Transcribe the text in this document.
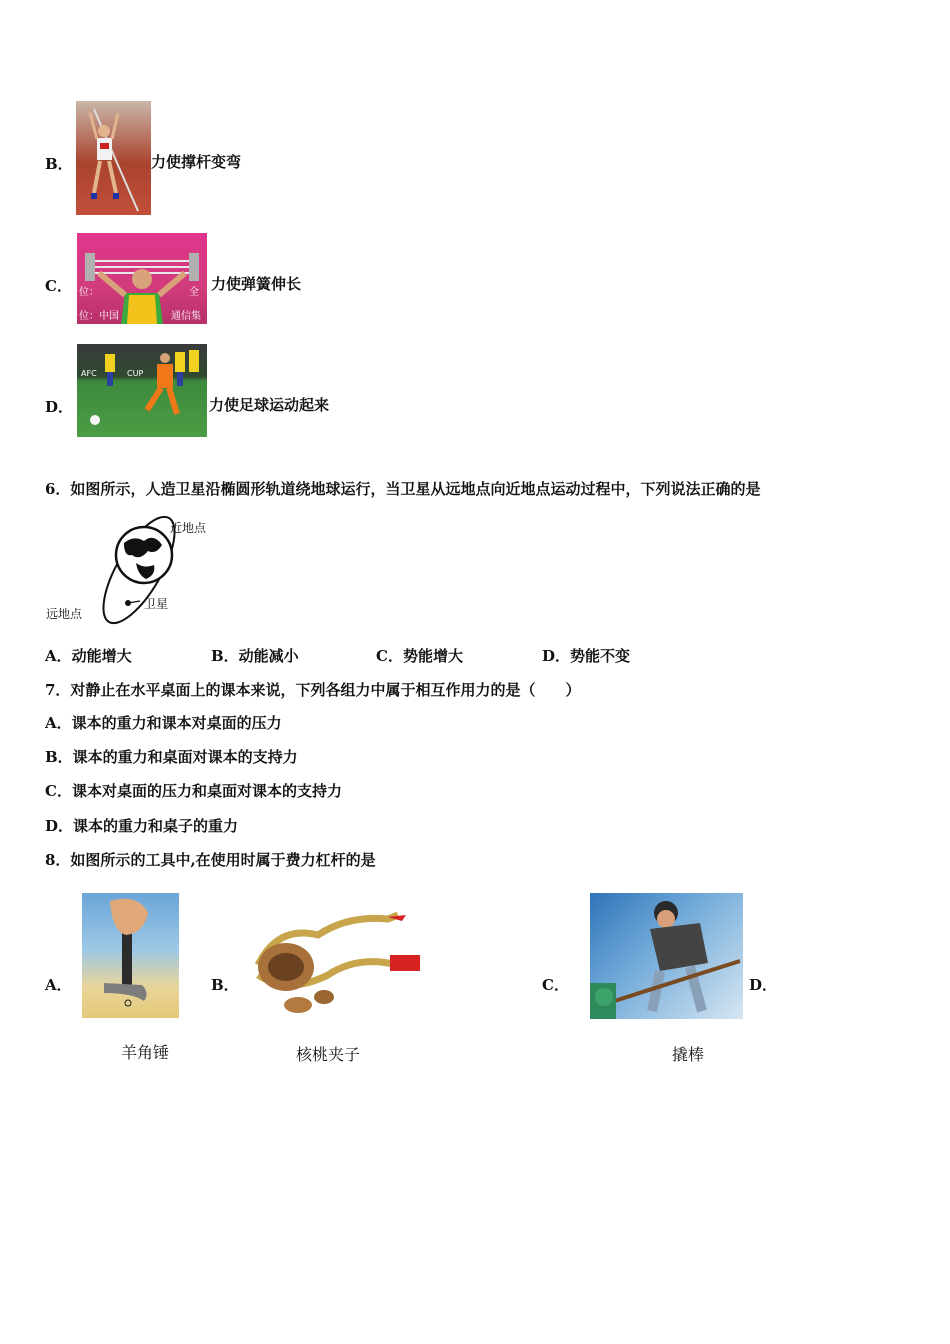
B．	力使撑杆变弯
C． 位：
位：中国	通信集
全 力使弹簧伸长
D．
AFC	CUP
力使足球运动起来
6．如图所示，人造卫星沿椭圆形轨道绕地球运行，当卫星从远地点向近地点运动过程中，下列说法正确的是
近地点
远地点
卫星
A．动能增大	B．动能减小	C．势能增大	D．势能不变
7．对静止在水平桌面上的课本来说，下列各组力中属于相互作用力的是（　　）
A．课本的重力和课本对桌面的压力
B．课本的重力和桌面对课本的支持力
C．课本对桌面的压力和桌面对课本的支持力
D．课本的重力和桌子的重力
8．如图所示的工具中,在使用时属于费力杠杆的是
A．
羊角锤
B．
核桃夹子
C．	D．
撬棒
